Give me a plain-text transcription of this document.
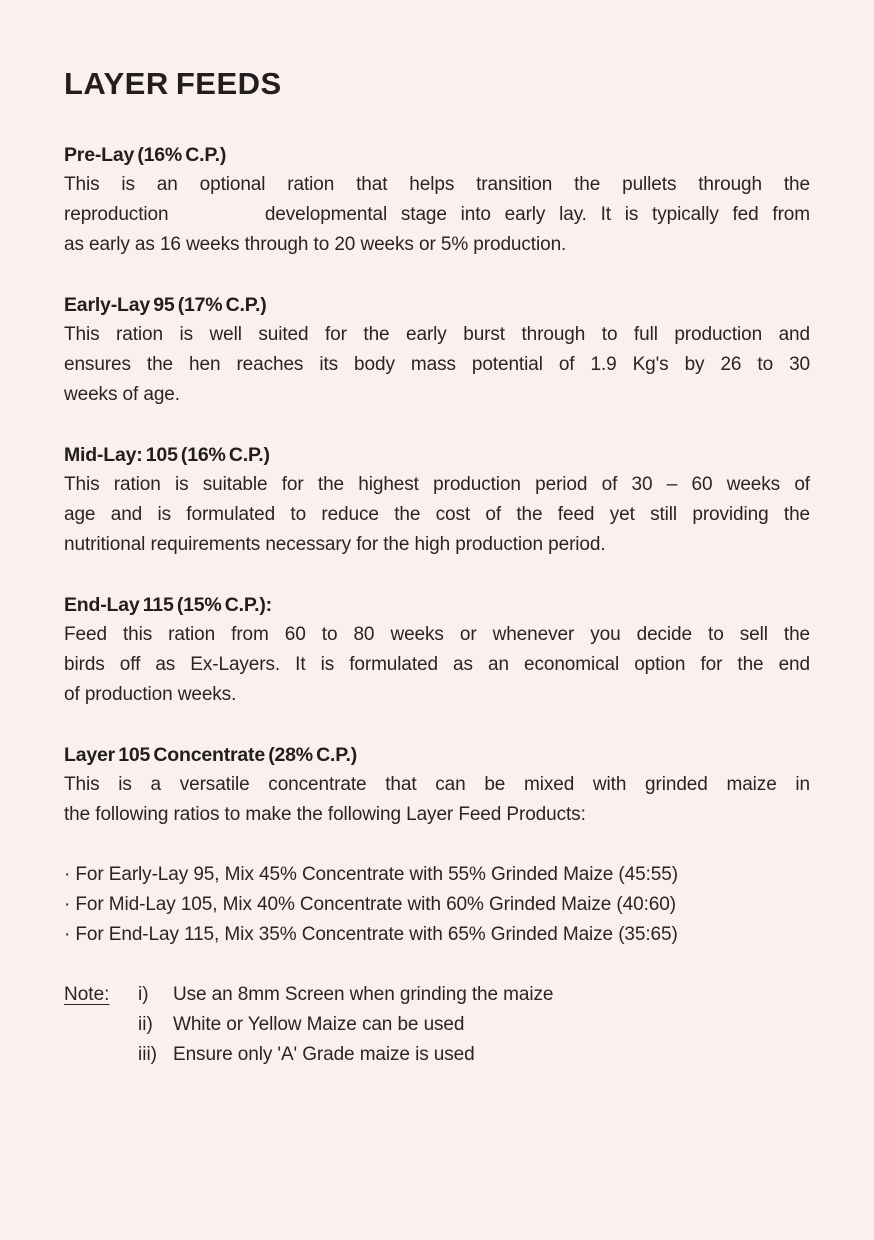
LAYER FEEDS
Pre-Lay (16% C.P.)
This is an optional ration that helps transition the pullets through the
reproduction       developmental stage into early lay. It is typically fed from
as early as 16 weeks through to 20 weeks or 5% production.
Early-Lay 95 (17% C.P.)
This ration is well suited for the early burst through to full production and
ensures the hen reaches its body mass potential of 1.9 Kg's by 26 to 30
weeks of age.
Mid-Lay: 105 (16% C.P.)
This ration is suitable for the highest production period of 30 – 60 weeks of
age and is formulated to reduce the cost of the feed yet still providing the
nutritional requirements necessary for the high production period.
End-Lay 115 (15% C.P.):
Feed this ration from 60 to 80 weeks or whenever you decide to sell the
birds off as Ex-Layers. It is formulated as an economical option for the end
of production weeks.
Layer 105 Concentrate (28% C.P.)
This is a versatile concentrate that can be mixed with grinded maize in
the following ratios to make the following Layer Feed Products:
· For Early-Lay 95, Mix 45% Concentrate with 55% Grinded Maize (45:55)
· For Mid-Lay 105, Mix 40% Concentrate with 60% Grinded Maize (40:60)
· For End-Lay 115, Mix 35% Concentrate with 65% Grinded Maize (35:65)
Note:	i)	Use an 8mm Screen when grinding the maize
ii)	White or Yellow Maize can be used
iii) Ensure only 'A' Grade maize is used
